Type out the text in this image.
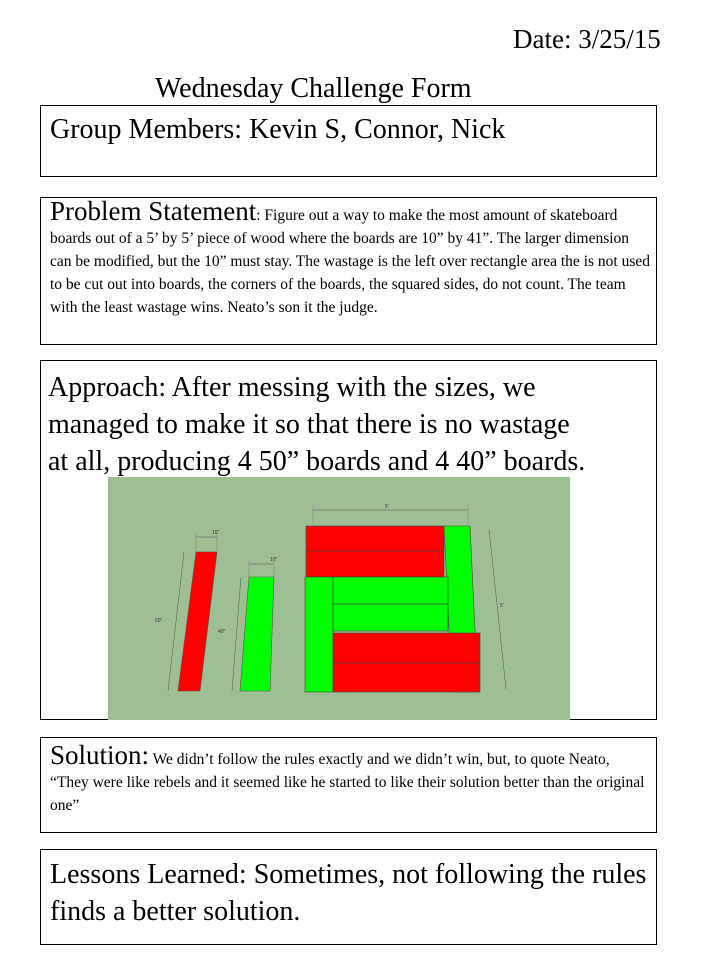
Date: 3/25/15
Wednesday Challenge Form
Group Members: Kevin S, Connor, Nick
Problem Statement: Figure out a way to make the most amount of skateboard boards out of a 5’ by 5’ piece of wood where the boards are 10” by 41”. The larger dimension can be modified, but the 10” must stay. The wastage is the left over rectangle area the is not used to be cut out into boards, the corners of the boards, the squared sides, do not count. The team with the least wastage wins. Neato’s son it the judge.
Approach: After messing with the sizes, we
managed to make it so that there is no wastage
at all, producing 4 50” boards and 4 40” boards.
10”
50”
10”
40”
5'
5'
Solution: We didn’t follow the rules exactly and we didn’t win, but, to quote Neato, “They were like rebels and it seemed like he started to like their solution better than the original one”
Lessons Learned: Sometimes, not following the rules finds a better solution.
